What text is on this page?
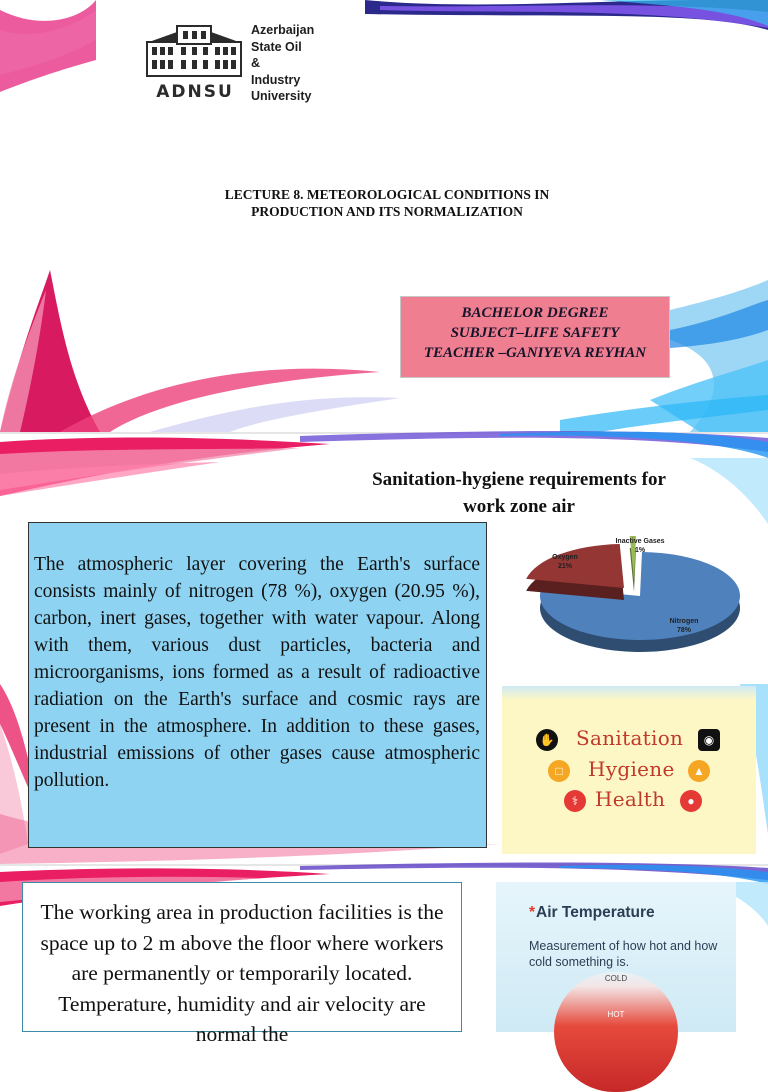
ADNSU
Azerbaijan
State Oil
&
Industry
University
LECTURE 8. METEOROLOGICAL CONDITIONS IN
PRODUCTION AND ITS NORMALIZATION
BACHELOR DEGREE
SUBJECT–LIFE SAFETY
TEACHER –GANIYEVA REYHAN
Sanitation-hygiene requirements for
work zone air
The atmospheric layer covering the Earth's surface consists mainly of nitrogen (78 %), oxygen (20.95 %), carbon, inert gases, together with water vapour. Along with them, various dust particles, bacteria and microorganisms, ions formed as a result of radioactive radiation on the Earth's surface and cosmic rays are present in the atmosphere. In addition to these gases, industrial emissions of other gases cause atmospheric pollution.
Inactive Gases
1%
Oxygen
21%
Nitrogen
78%
✋ Sanitation	◉
□	Hygiene	▲
⚕ Health	●
The working area in production facilities is the space up to 2 m above the floor where workers are permanently or temporarily located. Temperature, humidity and air velocity are normal the
*Air Temperature
Measurement of how hot and how cold something is.
COLD
HOT
